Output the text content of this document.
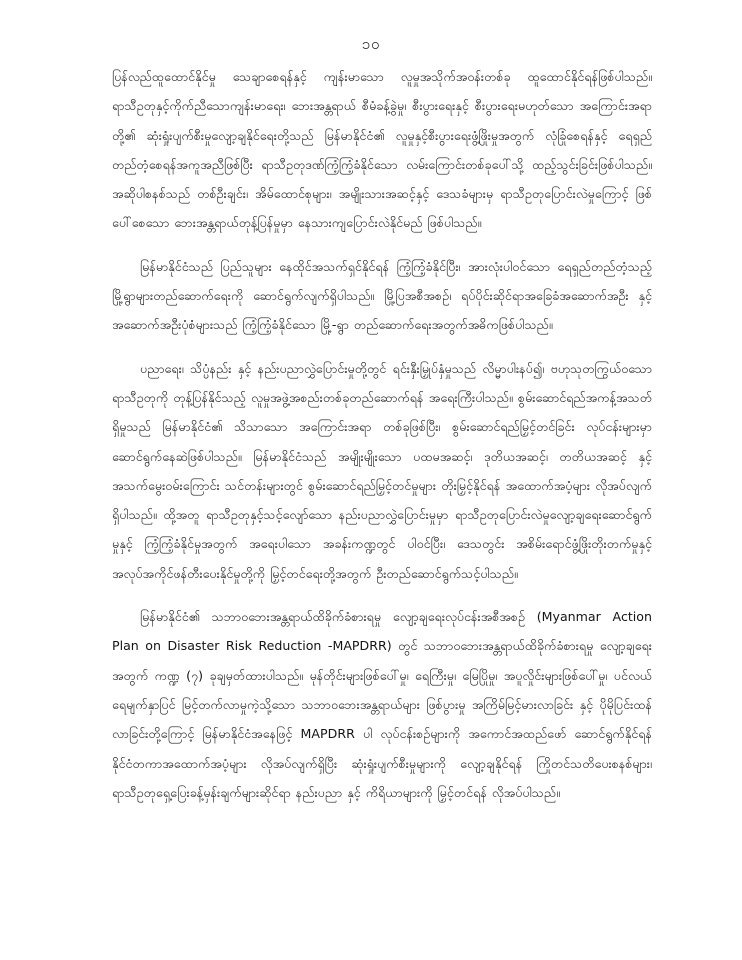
၁၀

ပြန်လည်ထူထောင်နိုင်မှု သေချာစေရန်နှင့် ကျန်းမာသော လူမှုအသိုက်အဝန်းတစ်ခု ထူထောင်နိုင်ရန်ဖြစ်ပါသည်။ ရာသီဥတုနှင့်ကိုက်ညီသောကျန်းမာရေး၊ ဘေးအန္တရာယ် စီမံခန့်ခွဲမှု၊ စီးပွားရေးနှင့် စီးပွားရေးမဟုတ်သော အကြောင်းအရာတို့၏ ဆုံးရှုံးပျက်စီးမှုလျော့ချနိုင်ရေးတို့သည် မြန်မာနိုင်ငံ၏ လူမှုနှင့်စီးပွားရေးဖွံ့ဖြိုးမှုအတွက် လုံခြုံစေရန်နှင့် ရေရှည်တည်တံ့စေရန်အကူအညီဖြစ်ပြီး ရာသီဥတုဒဏ်ကြံ့ကြံ့ခံနိုင်သော လမ်းကြောင်းတစ်ခုပေါ်သို့ ထည့်သွင်းခြင်းဖြစ်ပါသည်။ အဆိုပါစနစ်သည် တစ်ဦးချင်း၊ အိမ်ထောင်စုများ၊ အမျိုးသားအဆင့်နှင့် ဒေသခံများမှ ရာသီဥတုပြောင်းလဲမှုကြောင့် ဖြစ်ပေါ်စေသော ဘေးအန္တရာယ်တုန့်ပြန်မှုမှာ နေသားကျပြောင်းလဲနိုင်မည် ဖြစ်ပါသည်။

မြန်မာနိုင်ငံသည် ပြည်သူများ နေထိုင်အသက်ရှင်နိုင်ရန် ကြံ့ကြံ့ခံနိုင်ပြီး၊ အားလုံးပါဝင်သော ရေရှည်တည်တံ့သည့် မြို့ရွာများတည်ဆောက်ရေးကို ဆောင်ရွက်လျက်ရှိပါသည်။ မြို့ပြအစီအစဉ်၊ ရပ်ပိုင်းဆိုင်ရာအခြေခံအဆောက်အဦး နှင့် အဆောက်အဦးပုံစံများသည် ကြံ့ကြံ့ခံနိုင်သော မြို့-ရွာ တည်ဆောက်ရေးအတွက်အဓိကဖြစ်ပါသည်။

ပညာရေး၊ သိပ္ပံနည်း နှင့် နည်းပညာလွှဲပြောင်းမှုတို့တွင် ရင်းနှီးမြှုပ်နှံမှုသည် လိမ္မာပါးနပ်၍၊ ဗဟုသုတကြွယ်ဝသော ရာသီဥတုကို တုန့်ပြန်နိုင်သည့် လူမှုအဖွဲ့အစည်းတစ်ခုတည်ဆောက်ရန် အရေးကြီးပါသည်။ စွမ်းဆောင်ရည်အကန့်အသတ်ရှိမှုသည် မြန်မာနိုင်ငံ၏ သိသာသော အကြောင်းအရာ တစ်ခုဖြစ်ပြီး၊ စွမ်းဆောင်ရည်မြှင့်တင်ခြင်း လုပ်ငန်းများမှာ ဆောင်ရွက်နေဆဲဖြစ်ပါသည်။ မြန်မာနိုင်ငံသည် အမျိုးမျိုးသော ပထမအဆင့်၊ ဒုတိယအဆင့်၊ တတိယအဆင့် နှင့် အသက်မွေးဝမ်းကြောင်း သင်တန်းများတွင် စွမ်းဆောင်ရည်မြှင့်တင်မှုများ တိုးမြှင့်နိုင်ရန် အထောက်အပံ့များ လိုအပ်လျက်ရှိပါသည်။ ထို့အတူ ရာသီဥတုနှင့်သင့်လျော်သော နည်းပညာလွှဲပြောင်းမှုမှာ ရာသီဥတုပြောင်းလဲမှုလျော့ချရေးဆောင်ရွက်မှုနှင့် ကြံ့ကြံ့ခံနိုင်မှုအတွက် အရေးပါသော အခန်းကဏ္ဍတွင် ပါဝင်ပြီး၊ ဒေသတွင်း အစိမ်းရောင်ဖွံ့ဖြိုးတိုးတက်မှုနှင့် အလုပ်အကိုင်ဖန်တီးပေးနိုင်မှုတို့ကို မြှင့်တင်ရေးတို့အတွက် ဦးတည်ဆောင်ရွက်သင့်ပါသည်။

မြန်မာနိုင်ငံ၏ သဘာဝဘေးအန္တရာယ်ထိခိုက်ခံစားရမှု လျော့ချရေးလုပ်ငန်းအစီအစဉ် (Myanmar Action Plan on Disaster Risk Reduction -MAPDRR) တွင် သဘာဝဘေးအန္တရာယ်ထိခိုက်ခံစားရမှု လျော့ချရေးအတွက် ကဏ္ဍ (၇) ခုချမှတ်ထားပါသည်။ မုန်တိုင်းများဖြစ်ပေါ်မှု၊ ရေကြီးမှု၊ မြေပြိုမှု၊ အပူလှိုင်းများဖြစ်ပေါ်မှု၊ ပင်လယ်ရေမျက်နှာပြင် မြင့်တက်လာမှုကဲ့သို့သော သဘာဝဘေးအန္တရာယ်များ ဖြစ်ပွားမှု အကြိမ်မြင့်မားလာခြင်း နှင့် ပိုမိုပြင်းထန်လာခြင်းတို့ကြောင့် မြန်မာနိုင်ငံအနေဖြင့် MAPDRR ပါ လုပ်ငန်းစဉ်များကို အကောင်အထည်ဖော် ဆောင်ရွက်နိုင်ရန် နိုင်ငံတကာအထောက်အပံ့များ လိုအပ်လျက်ရှိပြီး ဆုံးရှုံးပျက်စီးမှုများကို လျော့ချနိုင်ရန် ကြိုတင်သတိပေးစနစ်များ၊ ရာသီဥတုရှေ့ပြေးခန့်မှန်းချက်များဆိုင်ရာ နည်းပညာ နှင့် ကိရိယာများကို မြှင့်တင်ရန် လိုအပ်ပါသည်။
